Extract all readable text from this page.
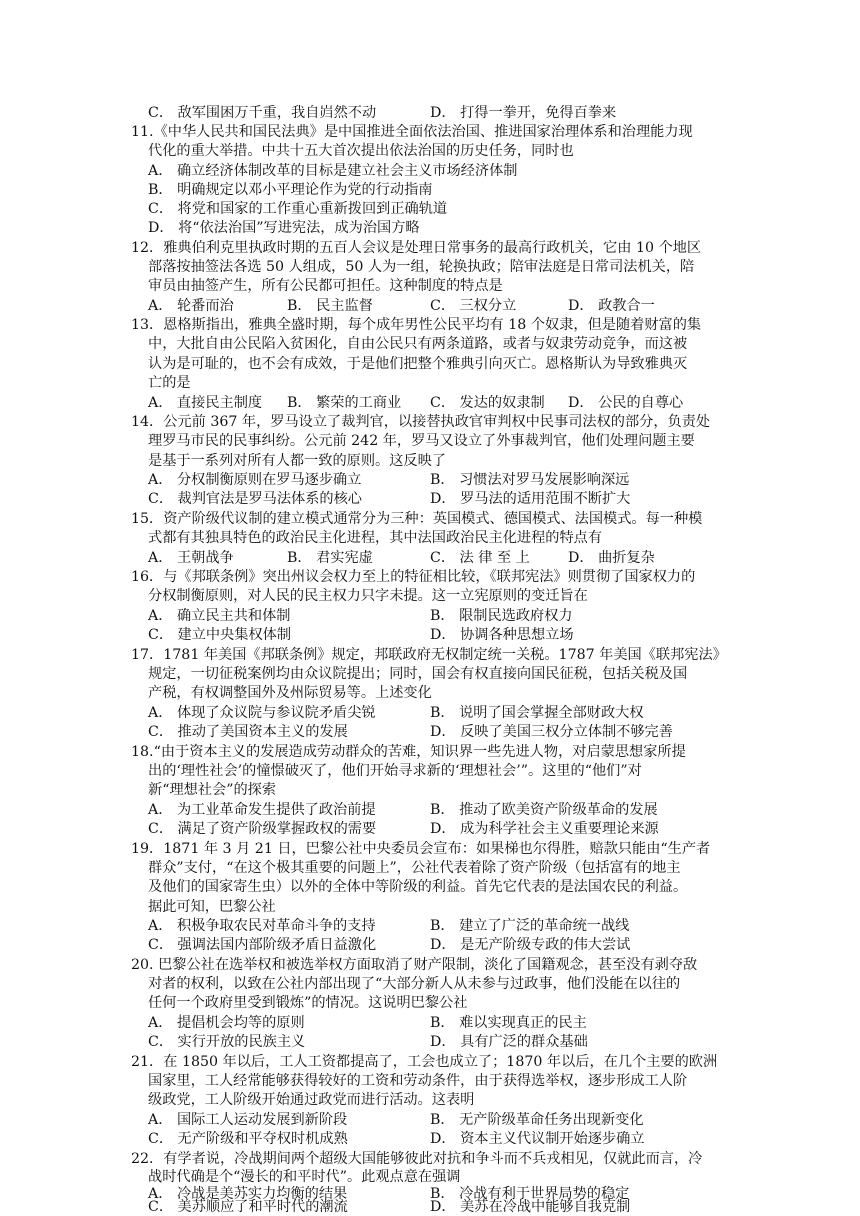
C． 敌军围困万千重，我自岿然不动	D． 打得一拳开，免得百拳来
11.《中华人民共和国民法典》是中国推进全面依法治国、推进国家治理体系和治理能力现
代化的重大举措。中共十五大首次提出依法治国的历史任务，同时也
A． 确立经济体制改革的目标是建立社会主义市场经济体制
B． 明确规定以邓小平理论作为党的行动指南
C． 将党和国家的工作重心重新拨回到正确轨道
D． 将“依法治国”写进宪法，成为治国方略
12．雅典伯利克里执政时期的五百人会议是处理日常事务的最高行政机关，它由 10 个地区
部落按抽签法各选 50 人组成，50 人为一组，轮换执政；陪审法庭是日常司法机关，陪
审员由抽签产生，所有公民都可担任。这种制度的特点是
A． 轮番而治	B． 民主监督	C． 三权分立	D． 政教合一
13．恩格斯指出，雅典全盛时期，每个成年男性公民平均有 18 个奴隶，但是随着财富的集
中，大批自由公民陷入贫困化，自由公民只有两条道路，或者与奴隶劳动竞争，而这被
认为是可耻的，也不会有成效，于是他们把整个雅典引向灭亡。恩格斯认为导致雅典灭
亡的是
A． 直接民主制度 B． 繁荣的工商业 C． 发达的奴隶制 D． 公民的自尊心
14．公元前 367 年，罗马设立了裁判官，以接替执政官审判权中民事司法权的部分，负责处
理罗马市民的民事纠纷。公元前 242 年，罗马又设立了外事裁判官，他们处理问题主要
是基于一系列对所有人都一致的原则。这反映了
A． 分权制衡原则在罗马逐步确立	B． 习惯法对罗马发展影响深远
C． 裁判官法是罗马法体系的核心	D． 罗马法的适用范围不断扩大
15．资产阶级代议制的建立模式通常分为三种：英国模式、德国模式、法国模式。每一种模
式都有其独具特色的政治民主化进程，其中法国政治民主化进程的特点有
A． 王朝战争	B． 君实宪虚	C． 法 律 至 上	D． 曲折复杂
16．与《邦联条例》突出州议会权力至上的特征相比较，《联邦宪法》则贯彻了国家权力的
分权制衡原则，对人民的民主权力只字未提。这一立宪原则的变迁旨在
A． 确立民主共和体制	B． 限制民选政府权力
C． 建立中央集权体制	D． 协调各种思想立场
17．1781 年美国《邦联条例》规定，邦联政府无权制定统一关税。1787 年美国《联邦宪法》
规定，一切征税案例均由众议院提出；同时，国会有权直接向国民征税，包括关税及国
产税，有权调整国外及州际贸易等。上述变化
A． 体现了众议院与参议院矛盾尖锐	B． 说明了国会掌握全部财政大权
C． 推动了美国资本主义的发展	D． 反映了美国三权分立体制不够完善
18.“由于资本主义的发展造成劳动群众的苦难，知识界一些先进人物，对启蒙思想家所提
出的‘理性社会’的憧憬破灭了，他们开始寻求新的‘理想社会’”。这里的“他们”对
新“理想社会”的探索
A． 为工业革命发生提供了政治前提	B． 推动了欧美资产阶级革命的发展
C． 满足了资产阶级掌握政权的需要	D． 成为科学社会主义重要理论来源
19．1871 年 3 月 21 日，巴黎公社中央委员会宣布：如果梯也尔得胜，赔款只能由“生产者
群众”支付，“在这个极其重要的问题上”，公社代表着除了资产阶级（包括富有的地主
及他们的国家寄生虫）以外的全体中等阶级的利益。首先它代表的是法国农民的利益。
据此可知，巴黎公社
A． 积极争取农民对革命斗争的支持	B． 建立了广泛的革命统一战线
C． 强调法国内部阶级矛盾日益激化	D． 是无产阶级专政的伟大尝试
20. 巴黎公社在选举权和被选举权方面取消了财产限制，淡化了国籍观念，甚至没有剥夺敌
对者的权利，以致在公社内部出现了“大部分新人从未参与过政事，他们没能在以往的
任何一个政府里受到锻炼”的情况。这说明巴黎公社
A． 提倡机会均等的原则	B． 难以实现真正的民主
C． 实行开放的民族主义	D． 具有广泛的群众基础
21．在 1850 年以后，工人工资都提高了，工会也成立了；1870 年以后，在几个主要的欧洲
国家里，工人经常能够获得较好的工资和劳动条件，由于获得选举权，逐步形成工人阶
级政党，工人阶级开始通过政党而进行活动。这表明
A． 国际工人运动发展到新阶段	B． 无产阶级革命任务出现新变化
C． 无产阶级和平夺权时机成熟	D． 资本主义代议制开始逐步确立
22．有学者说，冷战期间两个超级大国能够彼此对抗和争斗而不兵戎相见，仅就此而言，冷
战时代确是个“漫长的和平时代”。此观点意在强调
A． 冷战是美苏实力均衡的结果	B． 冷战有利于世界局势的稳定
C． 美苏顺应了和平时代的潮流	D． 美苏在冷战中能够自我克制
